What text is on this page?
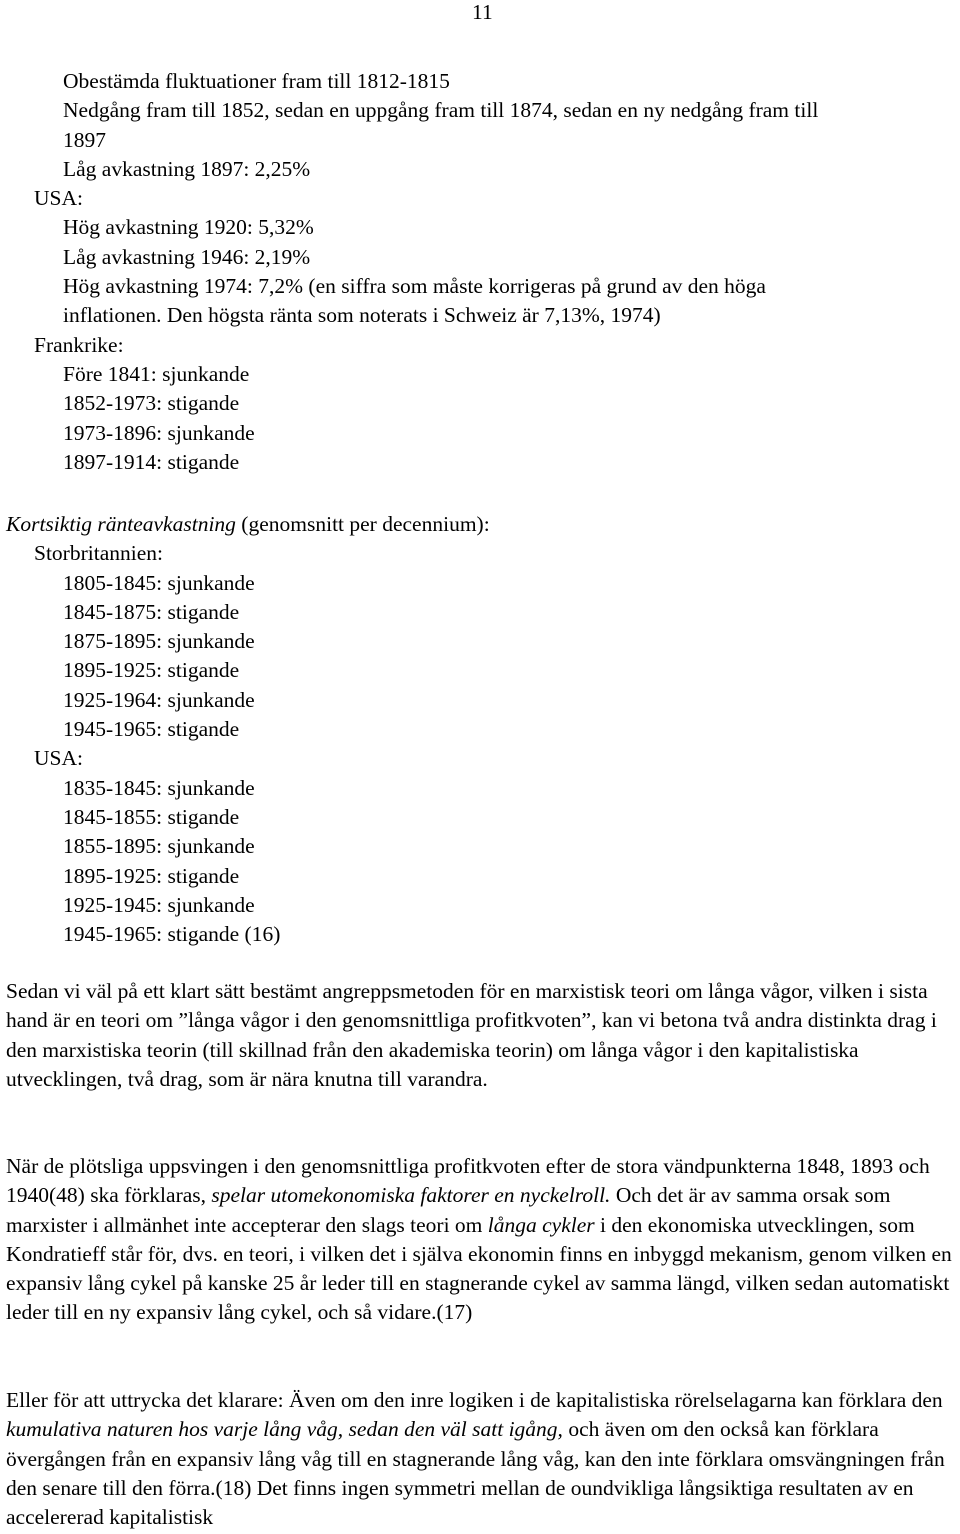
11
Obestämda fluktuationer fram till 1812-1815
Nedgång fram till 1852, sedan en uppgång fram till 1874, sedan en ny nedgång fram till
1897
Låg avkastning 1897: 2,25%
USA:
Hög avkastning 1920: 5,32%
Låg avkastning 1946: 2,19%
Hög avkastning 1974: 7,2% (en siffra som måste korrigeras på grund av den höga
inflationen. Den högsta ränta som noterats i Schweiz är 7,13%, 1974)
Frankrike:
Före 1841: sjunkande
1852-1973: stigande
1973-1896: sjunkande
1897-1914: stigande
Kortsiktig ränteavkastning (genomsnitt per decennium):
Storbritannien:
1805-1845: sjunkande
1845-1875: stigande
1875-1895: sjunkande
1895-1925: stigande
1925-1964: sjunkande
1945-1965: stigande
USA:
1835-1845: sjunkande
1845-1855: stigande
1855-1895: sjunkande
1895-1925: stigande
1925-1945: sjunkande
1945-1965: stigande (16)

Sedan vi väl på ett klart sätt bestämt angreppsmetoden för en marxistisk teori om långa vågor, vilken i sista hand är en teori om ”långa vågor i den genomsnittliga profitkvoten”, kan vi betona två andra distinkta drag i den marxistiska teorin (till skillnad från den akademiska teorin) om långa vågor i den kapitalistiska utvecklingen, två drag, som är nära knutna till varandra.

När de plötsliga uppsvingen i den genomsnittliga profitkvoten efter de stora vändpunkterna 1848, 1893 och 1940(48) ska förklaras, spelar utomekonomiska faktorer en nyckelroll. Och det är av samma orsak som marxister i allmänhet inte accepterar den slags teori om långa cykler i den ekonomiska utvecklingen, som Kondratieff står för, dvs. en teori, i vilken det i själva ekonomin finns en inbyggd mekanism, genom vilken en expansiv lång cykel på kanske 25 år leder till en stagnerande cykel av samma längd, vilken sedan automatiskt leder till en ny expansiv lång cykel, och så vidare.(17)

Eller för att uttrycka det klarare: Även om den inre logiken i de kapitalistiska rörelselagarna kan förklara den kumulativa naturen hos varje lång våg, sedan den väl satt igång, och även om den också kan förklara övergången från en expansiv lång våg till en stagnerande lång våg, kan den inte förklara omsvängningen från den senare till den förra.(18) Det finns ingen symmetri mellan de oundvikliga långsiktiga resultaten av en accelererad kapitalistisk
